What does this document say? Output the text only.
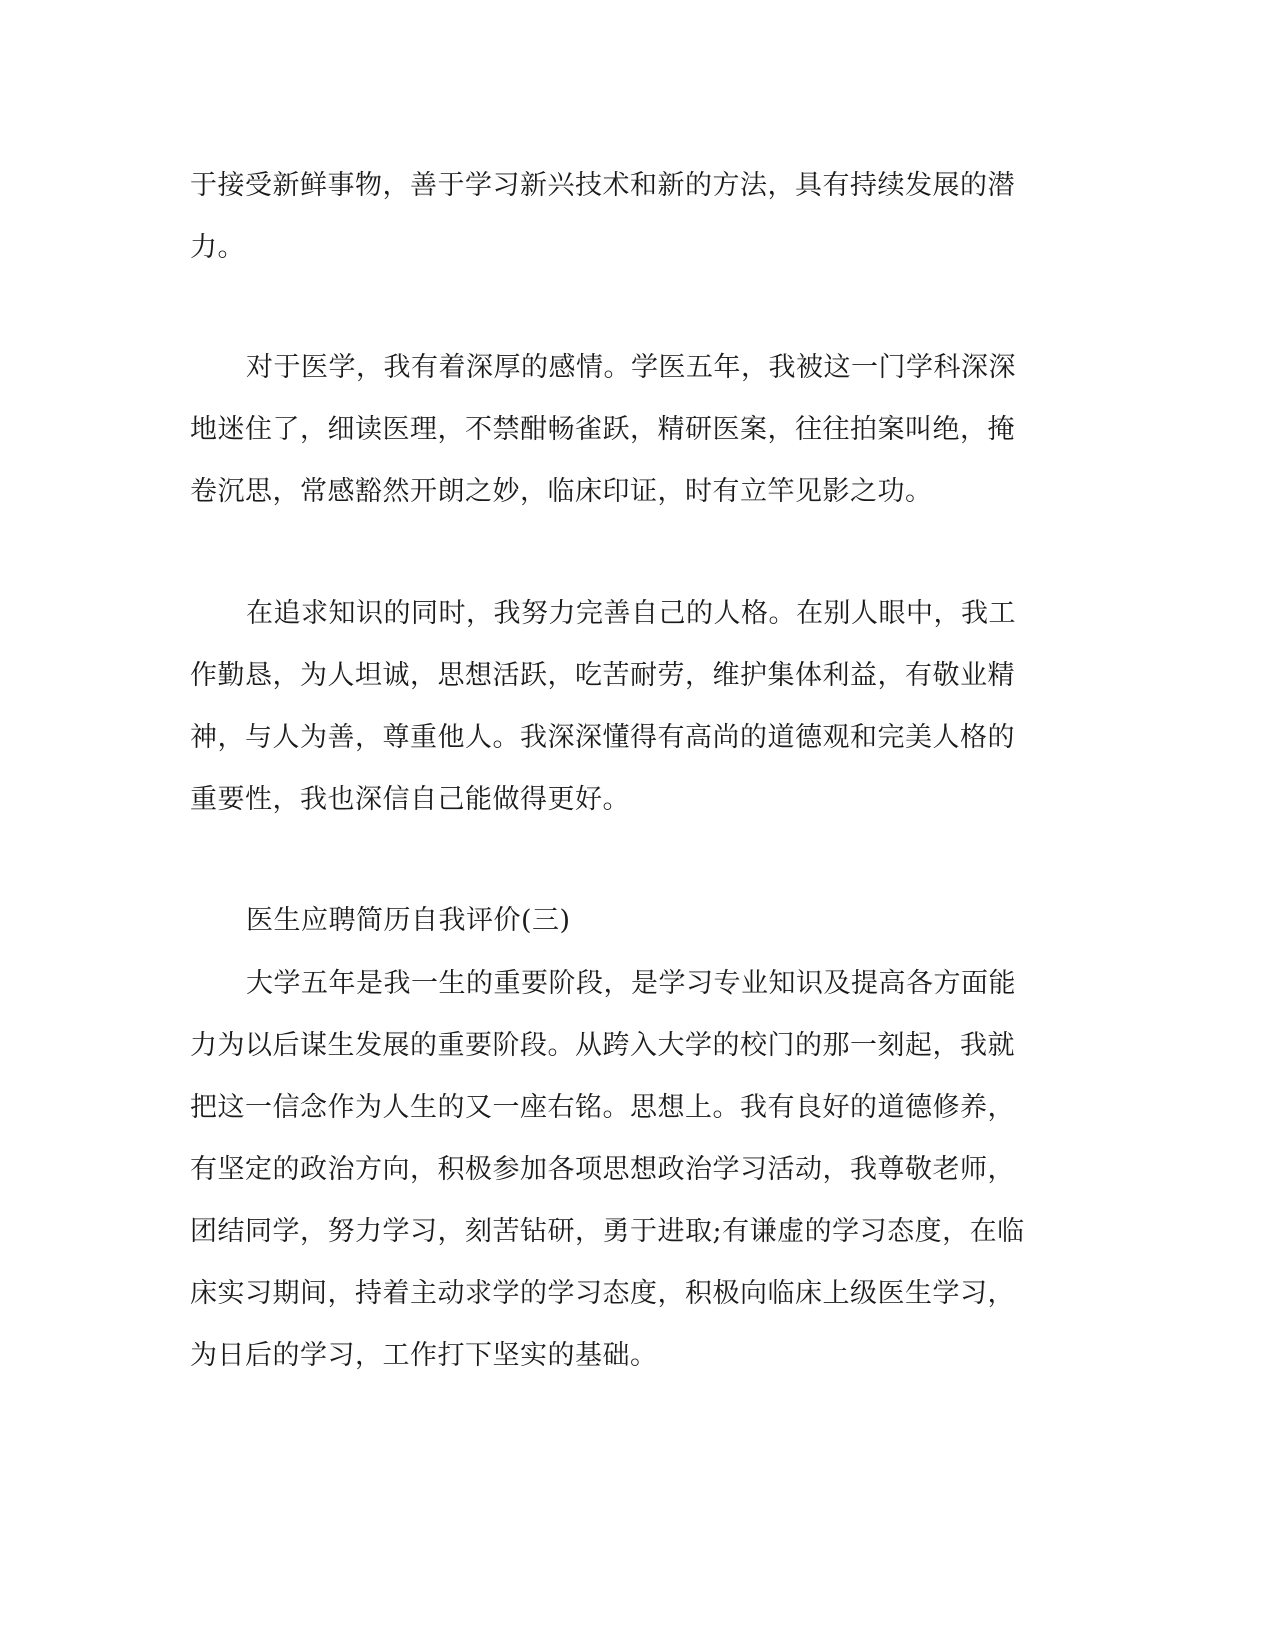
于接受新鲜事物，善于学习新兴技术和新的方法，具有持续发展的潜
力。
对于医学，我有着深厚的感情。学医五年，我被这一门学科深深
地迷住了，细读医理，不禁酣畅雀跃，精研医案，往往拍案叫绝，掩
卷沉思，常感豁然开朗之妙，临床印证，时有立竿见影之功。
在追求知识的同时，我努力完善自己的人格。在别人眼中，我工
作勤恳，为人坦诚，思想活跃，吃苦耐劳，维护集体利益，有敬业精
神，与人为善，尊重他人。我深深懂得有高尚的道德观和完美人格的
重要性，我也深信自己能做得更好。
医生应聘简历自我评价(三)
大学五年是我一生的重要阶段，是学习专业知识及提高各方面能
力为以后谋生发展的重要阶段。从跨入大学的校门的那一刻起，我就
把这一信念作为人生的又一座右铭。思想上。我有良好的道德修养，
有坚定的政治方向，积极参加各项思想政治学习活动，我尊敬老师，
团结同学，努力学习，刻苦钻研，勇于进取;有谦虚的学习态度，在临
床实习期间，持着主动求学的学习态度，积极向临床上级医生学习，
为日后的学习，工作打下坚实的基础。
